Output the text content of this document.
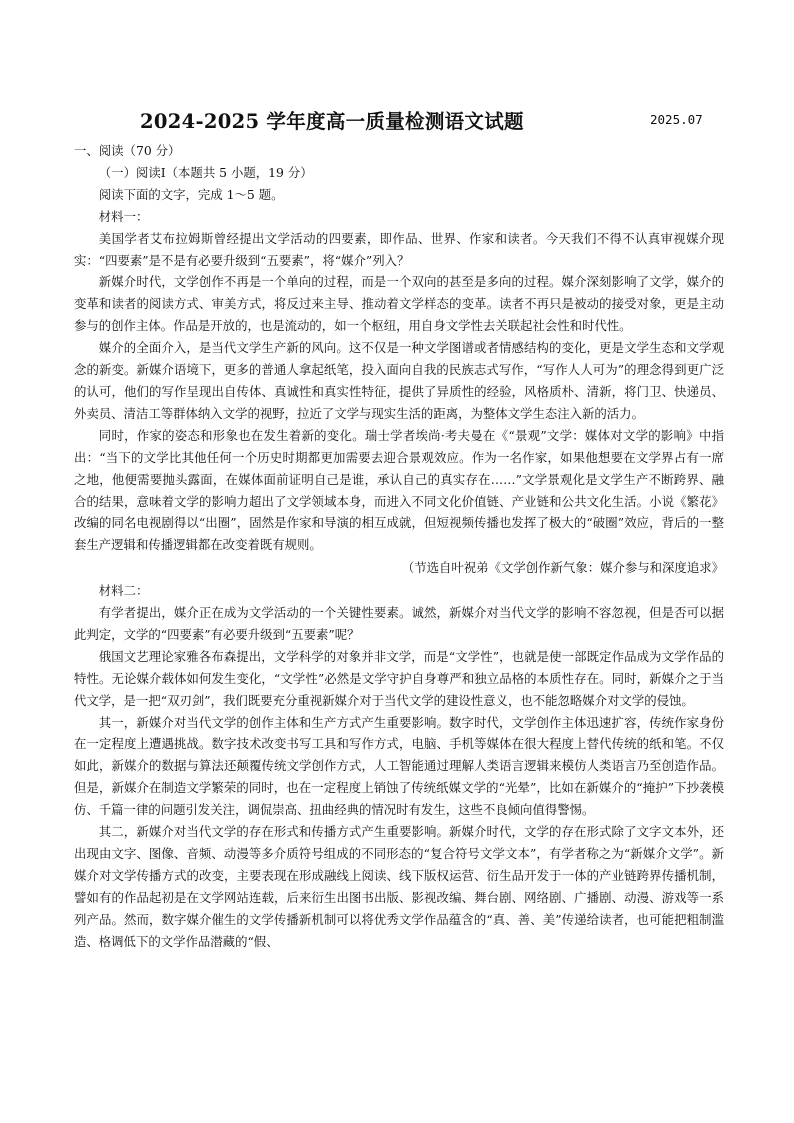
2024-2025 学年度高一质量检测语文试题	2025.07

一、阅读（70 分）

（一）阅读Ⅰ（本题共 5 小题，19 分）

阅读下面的文字，完成 1～5 题。

材料一：

美国学者艾布拉姆斯曾经提出文学活动的四要素，即作品、世界、作家和读者。今天我们不得不认真审视媒介现实：“四要素”是不是有必要升级到“五要素”，将“媒介”列入？

新媒介时代，文学创作不再是一个单向的过程，而是一个双向的甚至是多向的过程。媒介深刻影响了文学，媒介的变革和读者的阅读方式、审美方式，将反过来主导、推动着文学样态的变革。读者不再只是被动的接受对象，更是主动参与的创作主体。作品是开放的，也是流动的，如一个枢纽，用自身文学性去关联起社会性和时代性。

媒介的全面介入，是当代文学生产新的风向。这不仅是一种文学图谱或者情感结构的变化，更是文学生态和文学观念的新变。新媒介语境下，更多的普通人拿起纸笔，投入面向自我的民族志式写作，“写作人人可为”的理念得到更广泛的认可，他们的写作呈现出自传体、真诚性和真实性特征，提供了异质性的经验，风格质朴、清新，将门卫、快递员、外卖员、清洁工等群体纳入文学的视野，拉近了文学与现实生活的距离，为整体文学生态注入新的活力。

同时，作家的姿态和形象也在发生着新的变化。瑞士学者埃尚·考夫曼在《“景观”文学：媒体对文学的影响》中指出：“当下的文学比其他任何一个历史时期都更加需要去迎合景观效应。作为一名作家，如果他想要在文学界占有一席之地，他便需要抛头露面，在媒体面前证明自己是谁，承认自己的真实存在……”文学景观化是文学生产不断跨界、融合的结果，意味着文学的影响力超出了文学领域本身，而进入不同文化价值链、产业链和公共文化生活。小说《繁花》改编的同名电视剧得以“出圈”，固然是作家和导演的相互成就，但短视频传播也发挥了极大的“破圈”效应，背后的一整套生产逻辑和传播逻辑都在改变着既有规则。

（节选自叶祝弟《文学创作新气象：媒介参与和深度追求》

材料二：

有学者提出，媒介正在成为文学活动的一个关键性要素。诚然，新媒介对当代文学的影响不容忽视，但是否可以据此判定，文学的“四要素”有必要升级到“五要素”呢？

俄国文艺理论家雅各布森提出，文学科学的对象并非文学，而是“文学性”，也就是使一部既定作品成为文学作品的特性。无论媒介载体如何发生变化，“文学性”必然是文学守护自身尊严和独立品格的本质性存在。同时，新媒介之于当代文学，是一把“双刃剑”，我们既要充分重视新媒介对于当代文学的建设性意义，也不能忽略媒介对文学的侵蚀。

其一，新媒介对当代文学的创作主体和生产方式产生重要影响。数字时代，文学创作主体迅速扩容，传统作家身份在一定程度上遭遇挑战。数字技术改变书写工具和写作方式，电脑、手机等媒体在很大程度上替代传统的纸和笔。不仅如此，新媒介的数据与算法还颠覆传统文学创作方式，人工智能通过理解人类语言逻辑来模仿人类语言乃至创造作品。但是，新媒介在制造文学繁荣的同时，也在一定程度上销蚀了传统纸媒文学的“光晕”，比如在新媒介的“掩护”下抄袭模仿、千篇一律的问题引发关注，调侃崇高、扭曲经典的情况时有发生，这些不良倾向值得警惕。

其二，新媒介对当代文学的存在形式和传播方式产生重要影响。新媒介时代，文学的存在形式除了文字文本外，还出现由文字、图像、音频、动漫等多介质符号组成的不同形态的“复合符号文学文本”，有学者称之为“新媒介文学”。新媒介对文学传播方式的改变，主要表现在形成融线上阅读、线下版权运营、衍生品开发于一体的产业链跨界传播机制，譬如有的作品起初是在文学网站连载，后来衍生出图书出版、影视改编、舞台剧、网络剧、广播剧、动漫、游戏等一系列产品。然而，数字媒介催生的文学传播新机制可以将优秀文学作品蕴含的“真、善、美”传递给读者，也可能把粗制滥造、格调低下的文学作品潜藏的“假、
